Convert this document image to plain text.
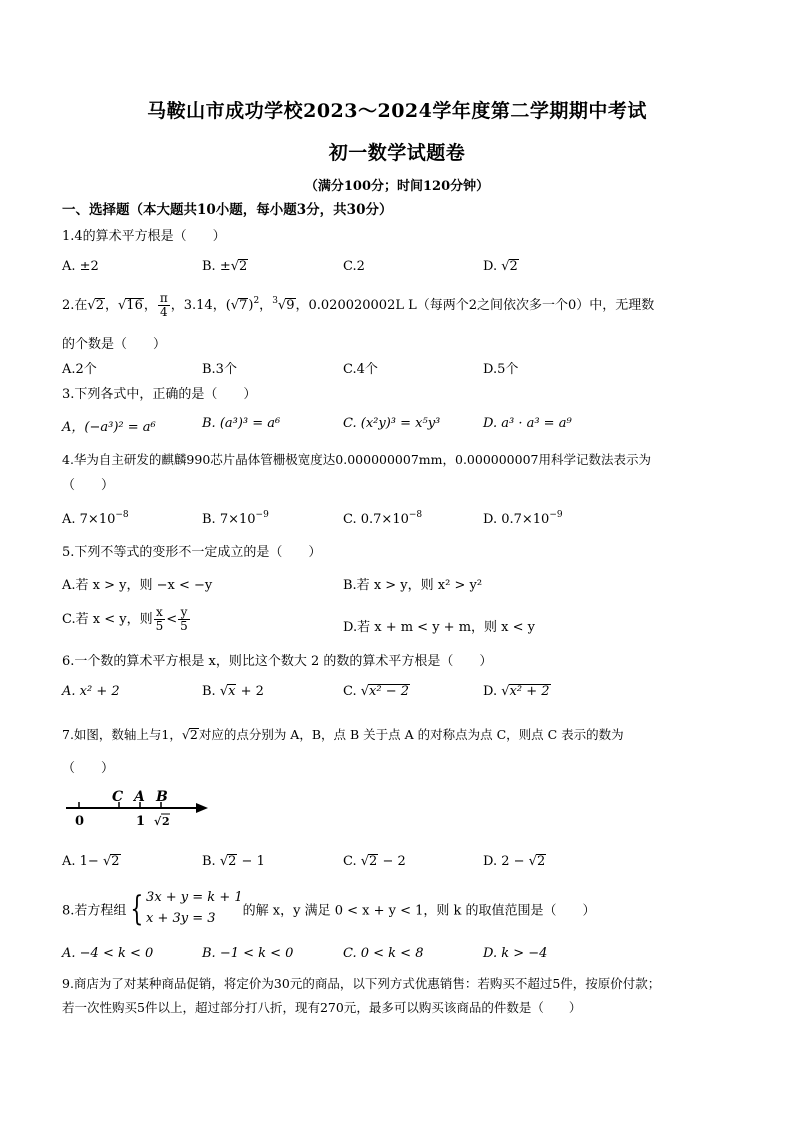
马鞍山市成功学校2023～2024学年度第二学期期中考试
初一数学试题卷
（满分100分；时间120分钟）
一、选择题（本大题共10小题，每小题3分，共30分）
1.4的算术平方根是（　　）
A. ±2	B. ± √ 2	C.2	D. √ 2
2.在 √ 2， √ 16， $\frac{\pi}{4}$ ，3.14，( √ 7)$^2$，$^3$ √ 9，0.020020002L L（每两个2之间依次多一个0）中，无理数
的个数是（　　）
A.2个	B.3个	C.4个	D.5个
3.下列各式中，正确的是（　　）
A，(−a³)² = a⁶	B. (a³)³ = a⁶	C. (x²y)³ = x⁵y³	D. a³ · a³ = a⁹
4.华为自主研发的麒麟990芯片晶体管栅极宽度达0.000000007mm，0.000000007用科学记数法表示为
（　　）
A. $7\times 10^{-8}$	B. $7\times 10^{-9}$	C. $0.7\times 10^{-8}$	D. $0.7\times 10^{-9}$
5.下列不等式的变形不一定成立的是（　　）
A.若 x > y，则 −x < −y	B.若 x > y，则 x² > y²
C.若 x < y，则 $\frac{x}{5} < \frac{y}{5}$	D.若 x + m < y + m，则 x < y
6.一个数的算术平方根是 x，则比这个数大 2 的数的算术平方根是（　　）
A. x² + 2	B. √ x + 2	C. √ x² − 2	D. √ x² + 2
7.如图，数轴上与1， √ 2对应的点分别为 A，B，点 B 关于点 A 的对称点为点 C，则点 C 表示的数为
（　　）
C A B
0	1 √ 2
A. 1− √ 2	B. √ 2 − 1	C. √ 2 − 2	D. 2 − √ 2
8.若方程组 { 3x + y = k + 1
x + 3y = 3	的解 x，y 满足 0 < x + y < 1，则 k 的取值范围是（　　）
A. −4 < k < 0	B. −1 < k < 0	C. 0 < k < 8	D. k > −4
9.商店为了对某种商品促销，将定价为30元的商品，以下列方式优惠销售：若购买不超过5件，按原价付款；
若一次性购买5件以上，超过部分打八折，现有270元，最多可以购买该商品的件数是（　　）
